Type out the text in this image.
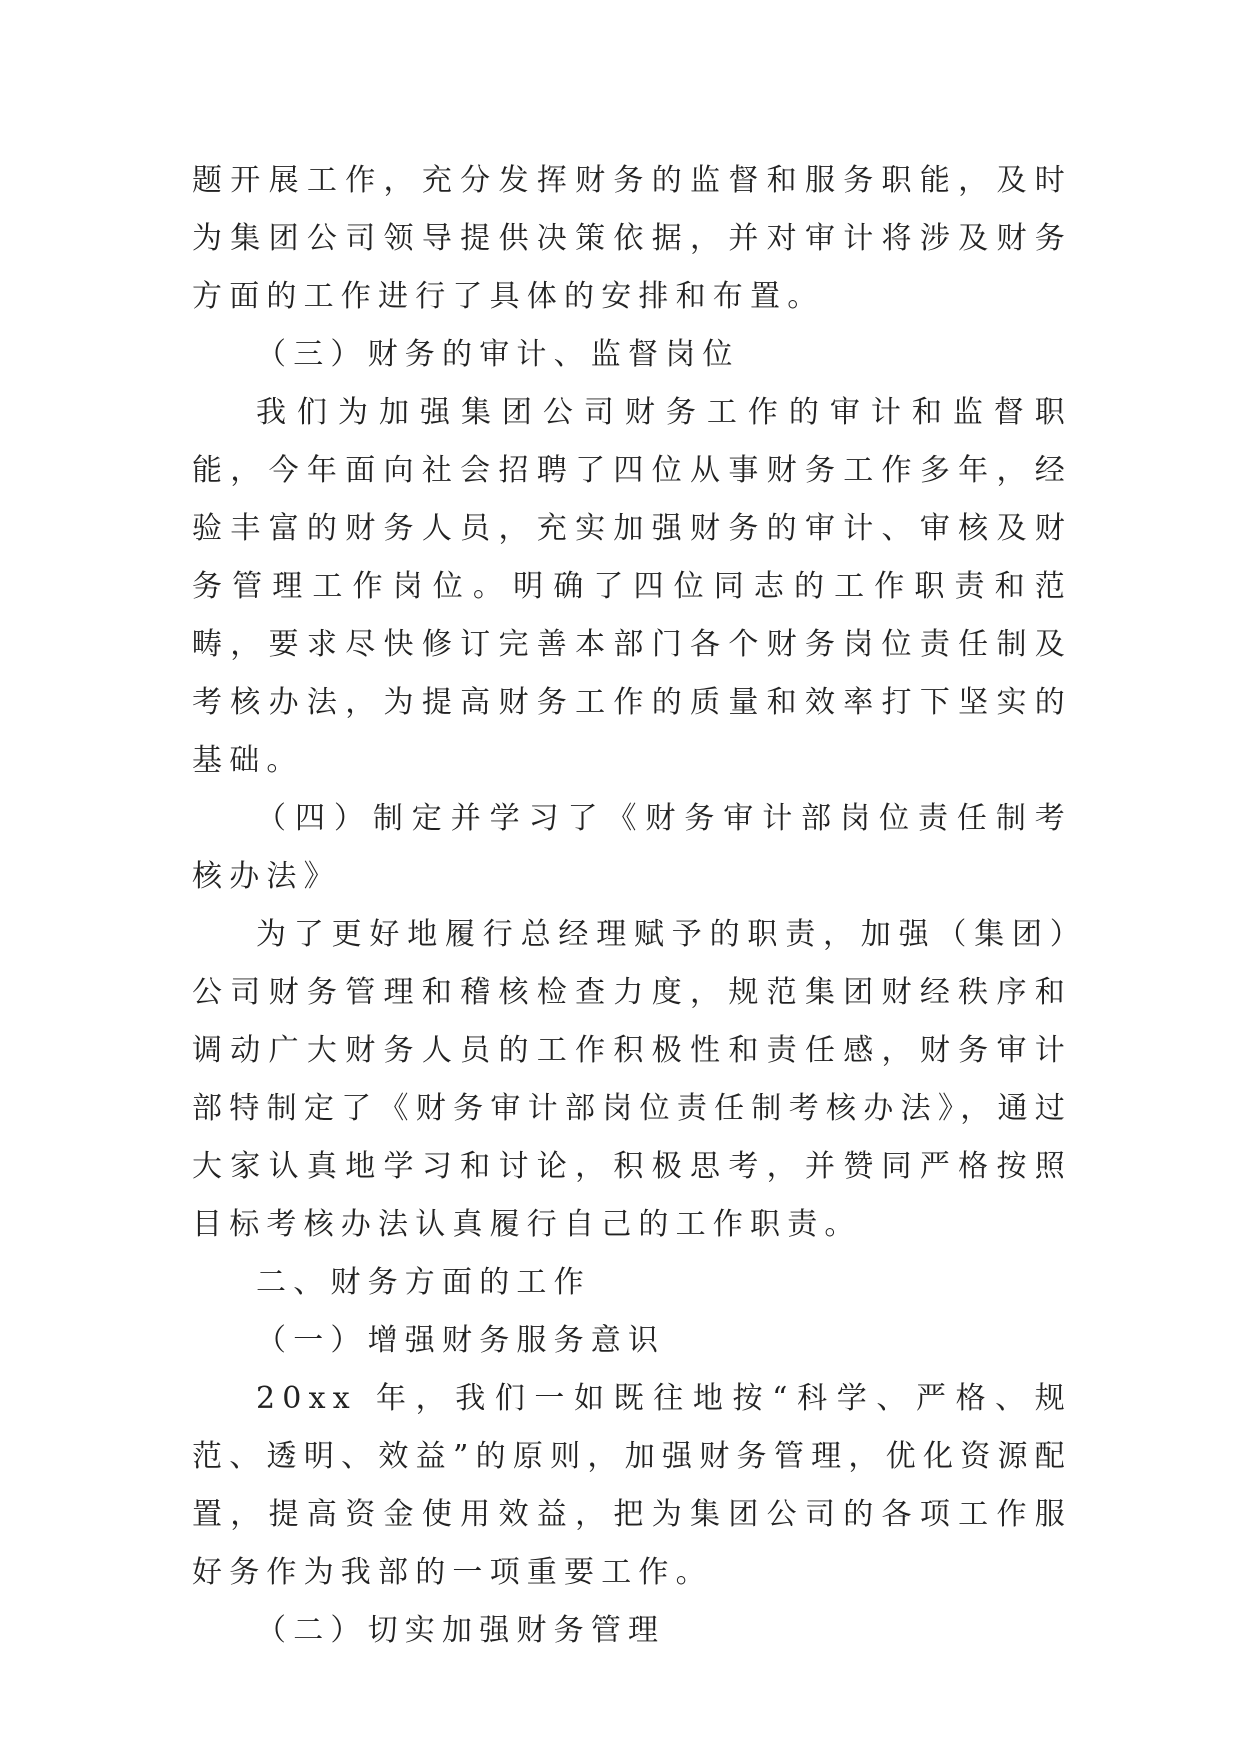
题开展工作，充分发挥财务的监督和服务职能，及时为集团公司领导提供决策依据，并对审计将涉及财务方面的工作进行了具体的安排和布置。

（三）财务的审计、监督岗位

我们为加强集团公司财务工作的审计和监督职能，今年面向社会招聘了四位从事财务工作多年，经验丰富的财务人员，充实加强财务的审计、审核及财务管理工作岗位。明确了四位同志的工作职责和范畴，要求尽快修订完善本部门各个财务岗位责任制及考核办法，为提高财务工作的质量和效率打下坚实的基础。

（四）制定并学习了《财务审计部岗位责任制考核办法》

为了更好地履行总经理赋予的职责，加强（集团）公司财务管理和稽核检查力度，规范集团财经秩序和调动广大财务人员的工作积极性和责任感，财务审计部特制定了《财务审计部岗位责任制考核办法》，通过大家认真地学习和讨论，积极思考，并赞同严格按照目标考核办法认真履行自己的工作职责。

二、财务方面的工作

（一）增强财务服务意识

20xx 年，我们一如既往地按“科学、严格、规范、透明、效益”的原则，加强财务管理，优化资源配置，提高资金使用效益，把为集团公司的各项工作服好务作为我部的一项重要工作。

（二）切实加强财务管理
